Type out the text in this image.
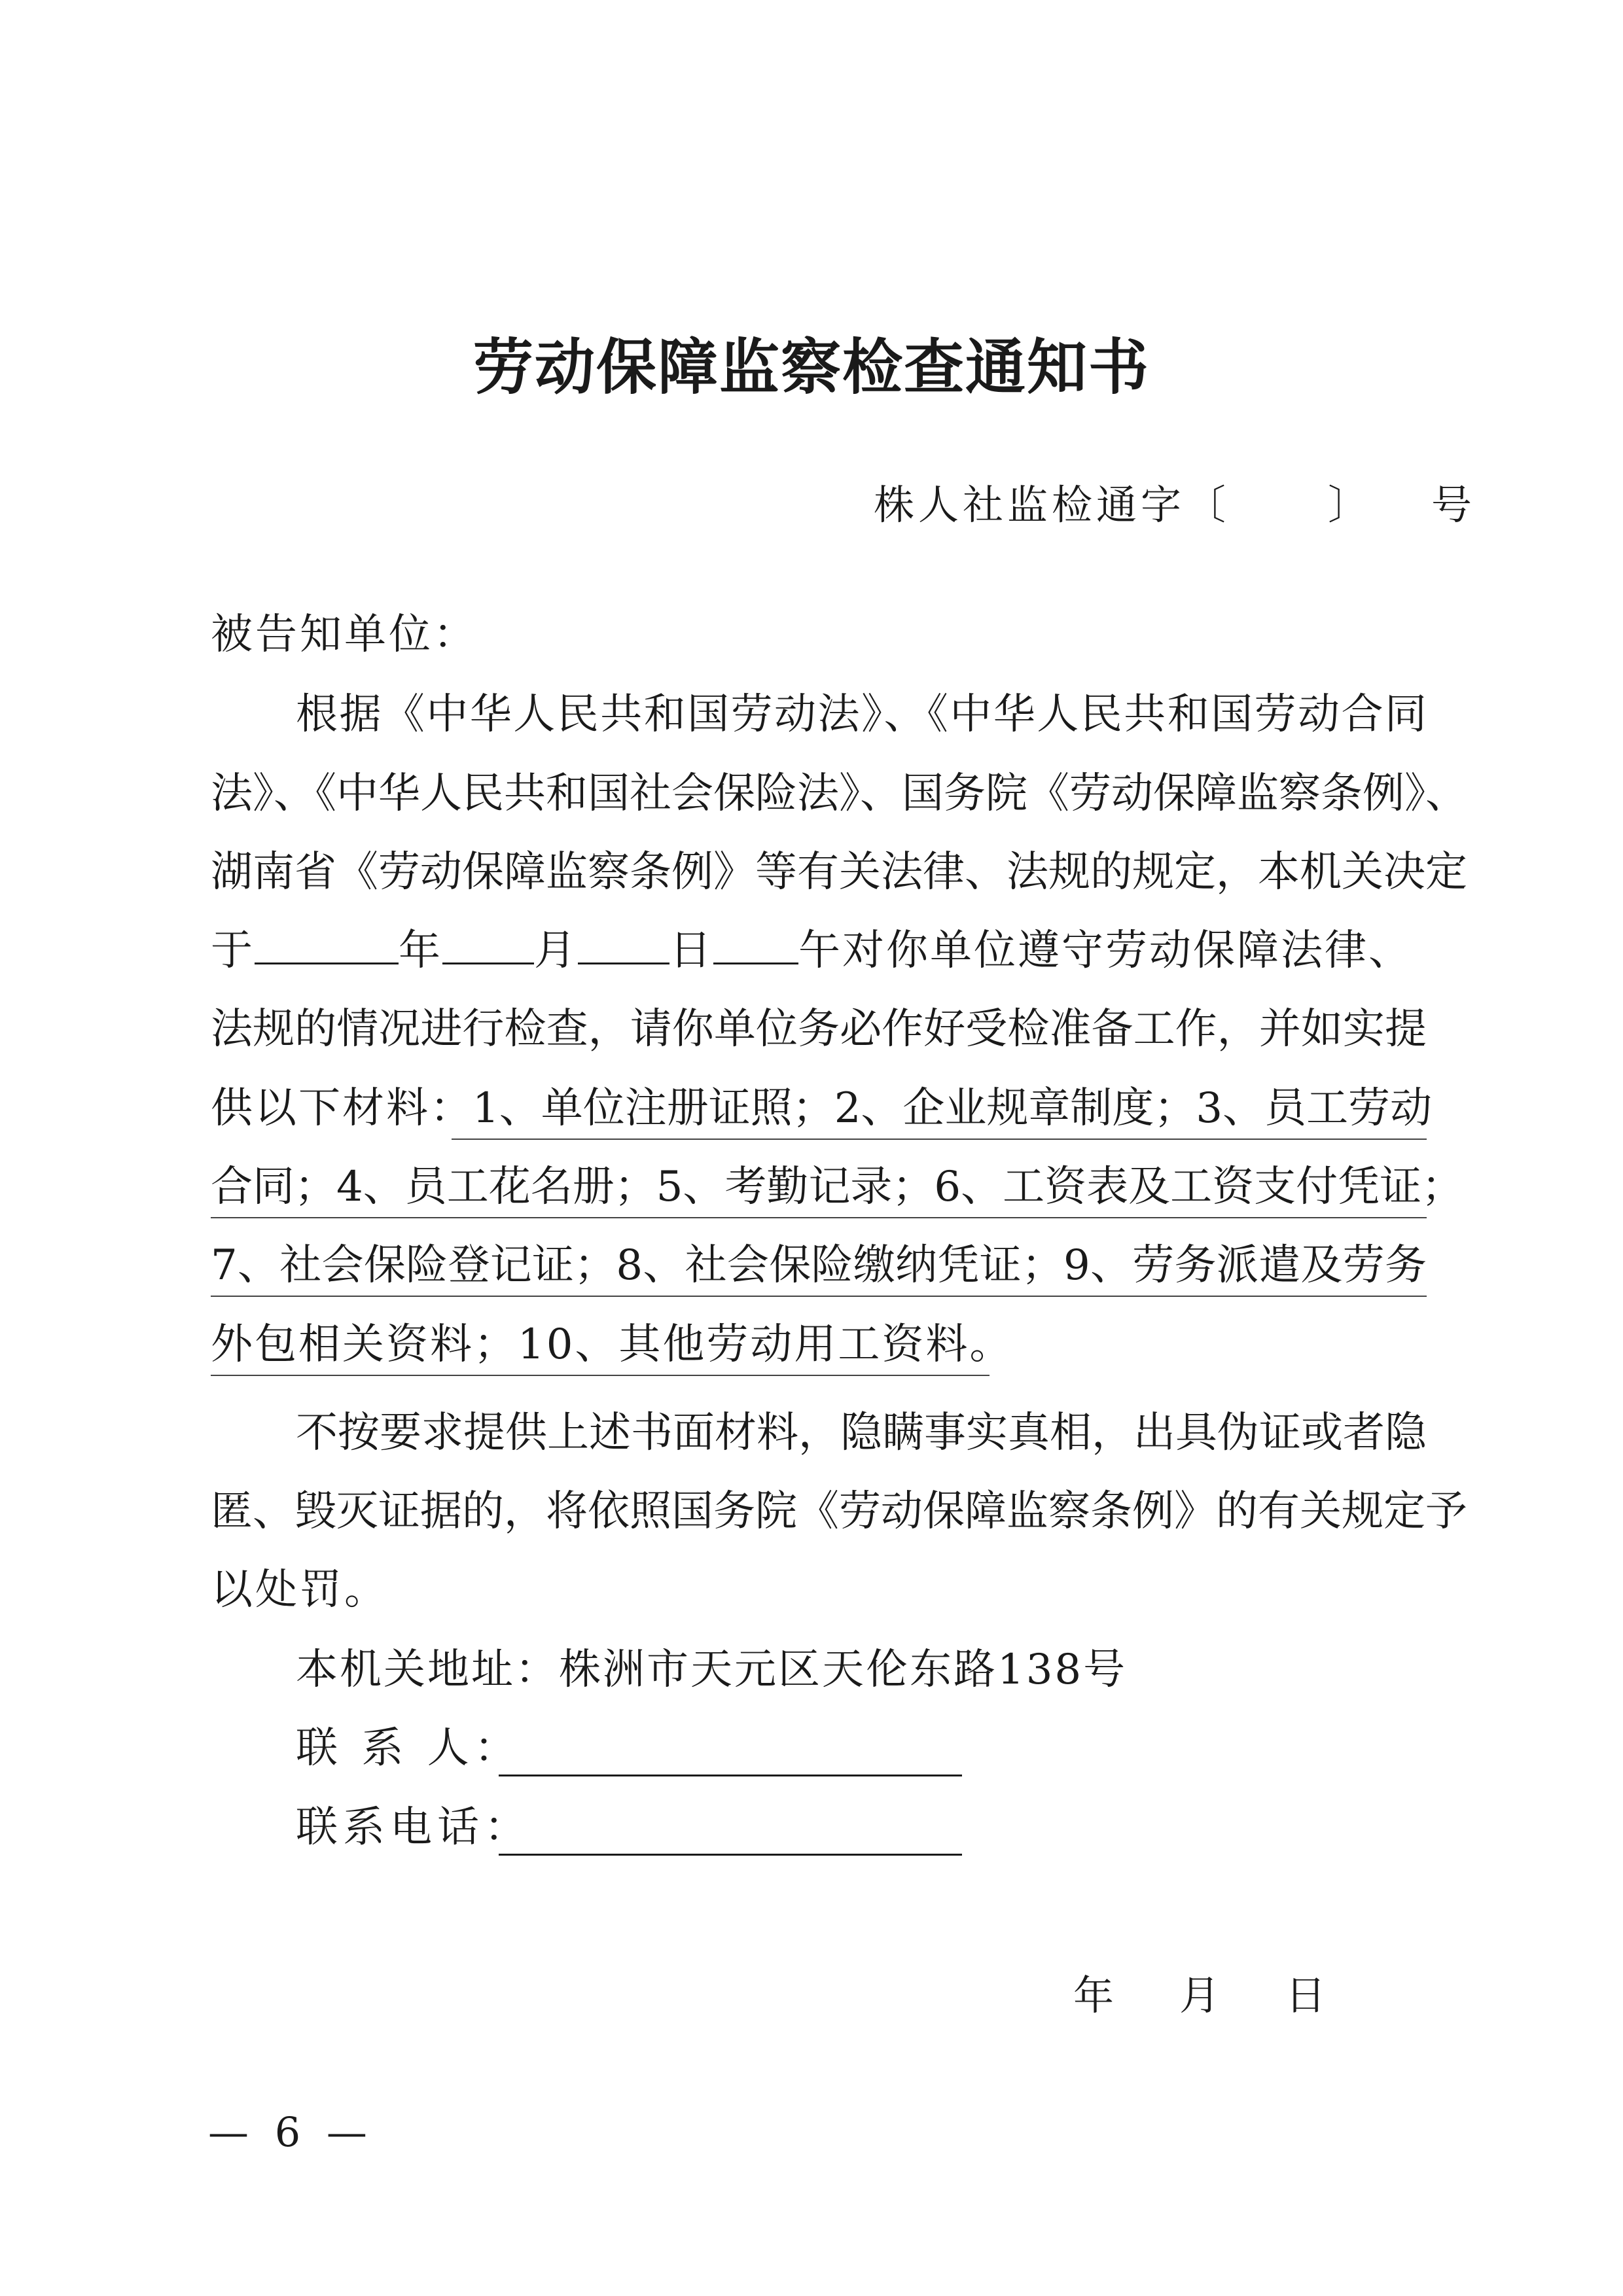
劳动保障监察检查通知书
株人社监检通字〔 〕 号
被告知单位：
根据《中华人民共和国劳动法》、《中华人民共和国劳动合同
法》、《中华人民共和国社会保险法》、国务院《劳动保障监察条例》、
湖南省《劳动保障监察条例》等有关法律、法规的规定，本机关决定
于	年 月 日 午对你单位遵守劳动保障法律、
法规的情况进行检查，请你单位务必作好受检准备工作，并如实提
供以下材料：
1、单位注册证照；2、企业规章制度；3、员工劳动
合同；4、员工花名册；5、考勤记录；6、工资表及工资支付凭证；
7、社会保险登记证；8、社会保险缴纳凭证；9、劳务派遣及劳务
外包相关资料；10、其他劳动用工资料。
不按要求提供上述书面材料，隐瞒事实真相，出具伪证或者隐
匿、毁灭证据的，将依照国务院《劳动保障监察条例》的有关规定予
以处罚。
本机关地址：株洲市天元区天伦东路138号
联 系 人：
联系电话：
年 月 日
— 6 —
